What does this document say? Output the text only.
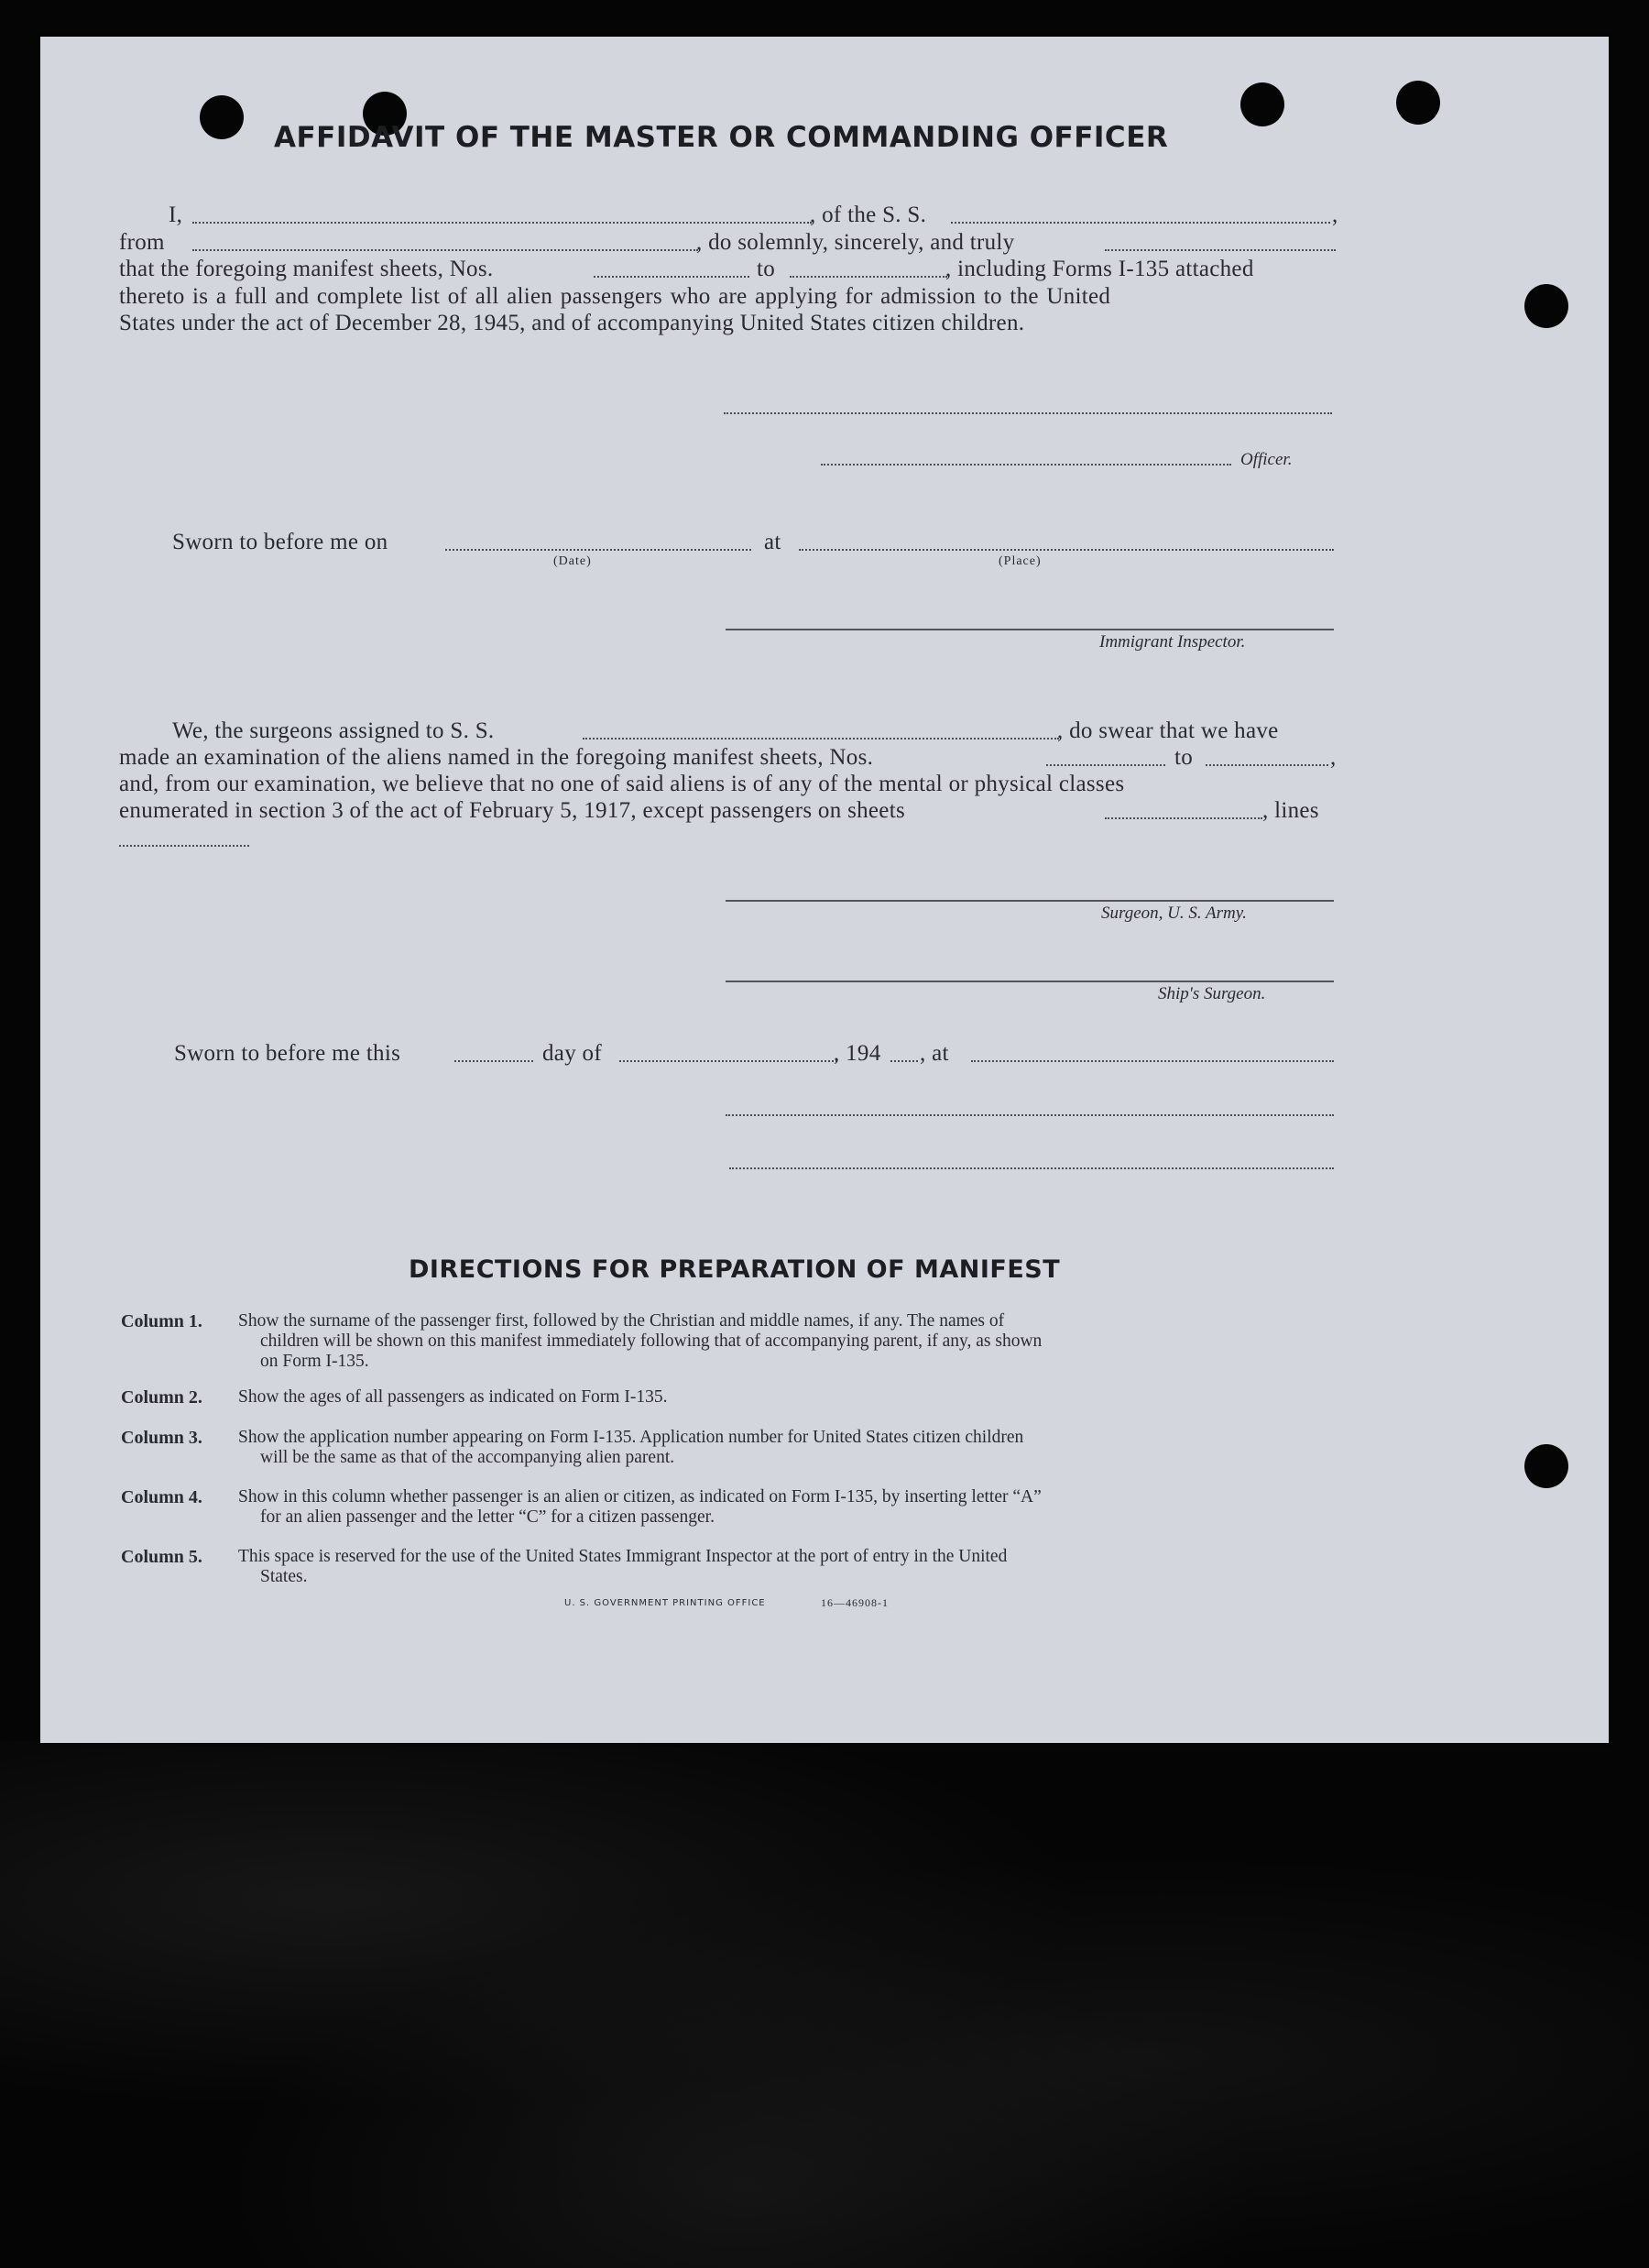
AFFIDAVIT OF THE MASTER OR COMMANDING OFFICER
I,	, of the S. S.	,
from	, do solemnly, sincerely, and truly
that the foregoing manifest sheets, Nos.	to	, including Forms I-135 attached
thereto is a full and complete list of all alien passengers who are applying for admission to the United
States under the act of December 28, 1945, and of accompanying United States citizen children.
Officer.
Sworn to before me on
(Date)
at
(Place)
Immigrant Inspector.
We, the surgeons assigned to S. S.	, do swear that we have
made an examination of the aliens named in the foregoing manifest sheets, Nos.	to	,
and, from our examination, we believe that no one of said aliens is of any of the mental or physical classes
enumerated in section 3 of the act of February 5, 1917, except passengers on sheets	, lines
Surgeon, U. S. Army.
Ship's Surgeon.
Sworn to before me this	day of	, 194 , at
DIRECTIONS FOR PREPARATION OF MANIFEST
Column 1. Show the surname of the passenger first, followed by the Christian and middle names, if any. The names of
children will be shown on this manifest immediately following that of accompanying parent, if any, as shown
on Form I-135.
Column 2. Show the ages of all passengers as indicated on Form I-135.
Column 3. Show the application number appearing on Form I-135. Application number for United States citizen children
will be the same as that of the accompanying alien parent.
Column 4. Show in this column whether passenger is an alien or citizen, as indicated on Form I-135, by inserting letter “A”
for an alien passenger and the letter “C” for a citizen passenger.
Column 5. This space is reserved for the use of the United States Immigrant Inspector at the port of entry in the United
States.
U. S. GOVERNMENT PRINTING OFFICE	16—46908-1
